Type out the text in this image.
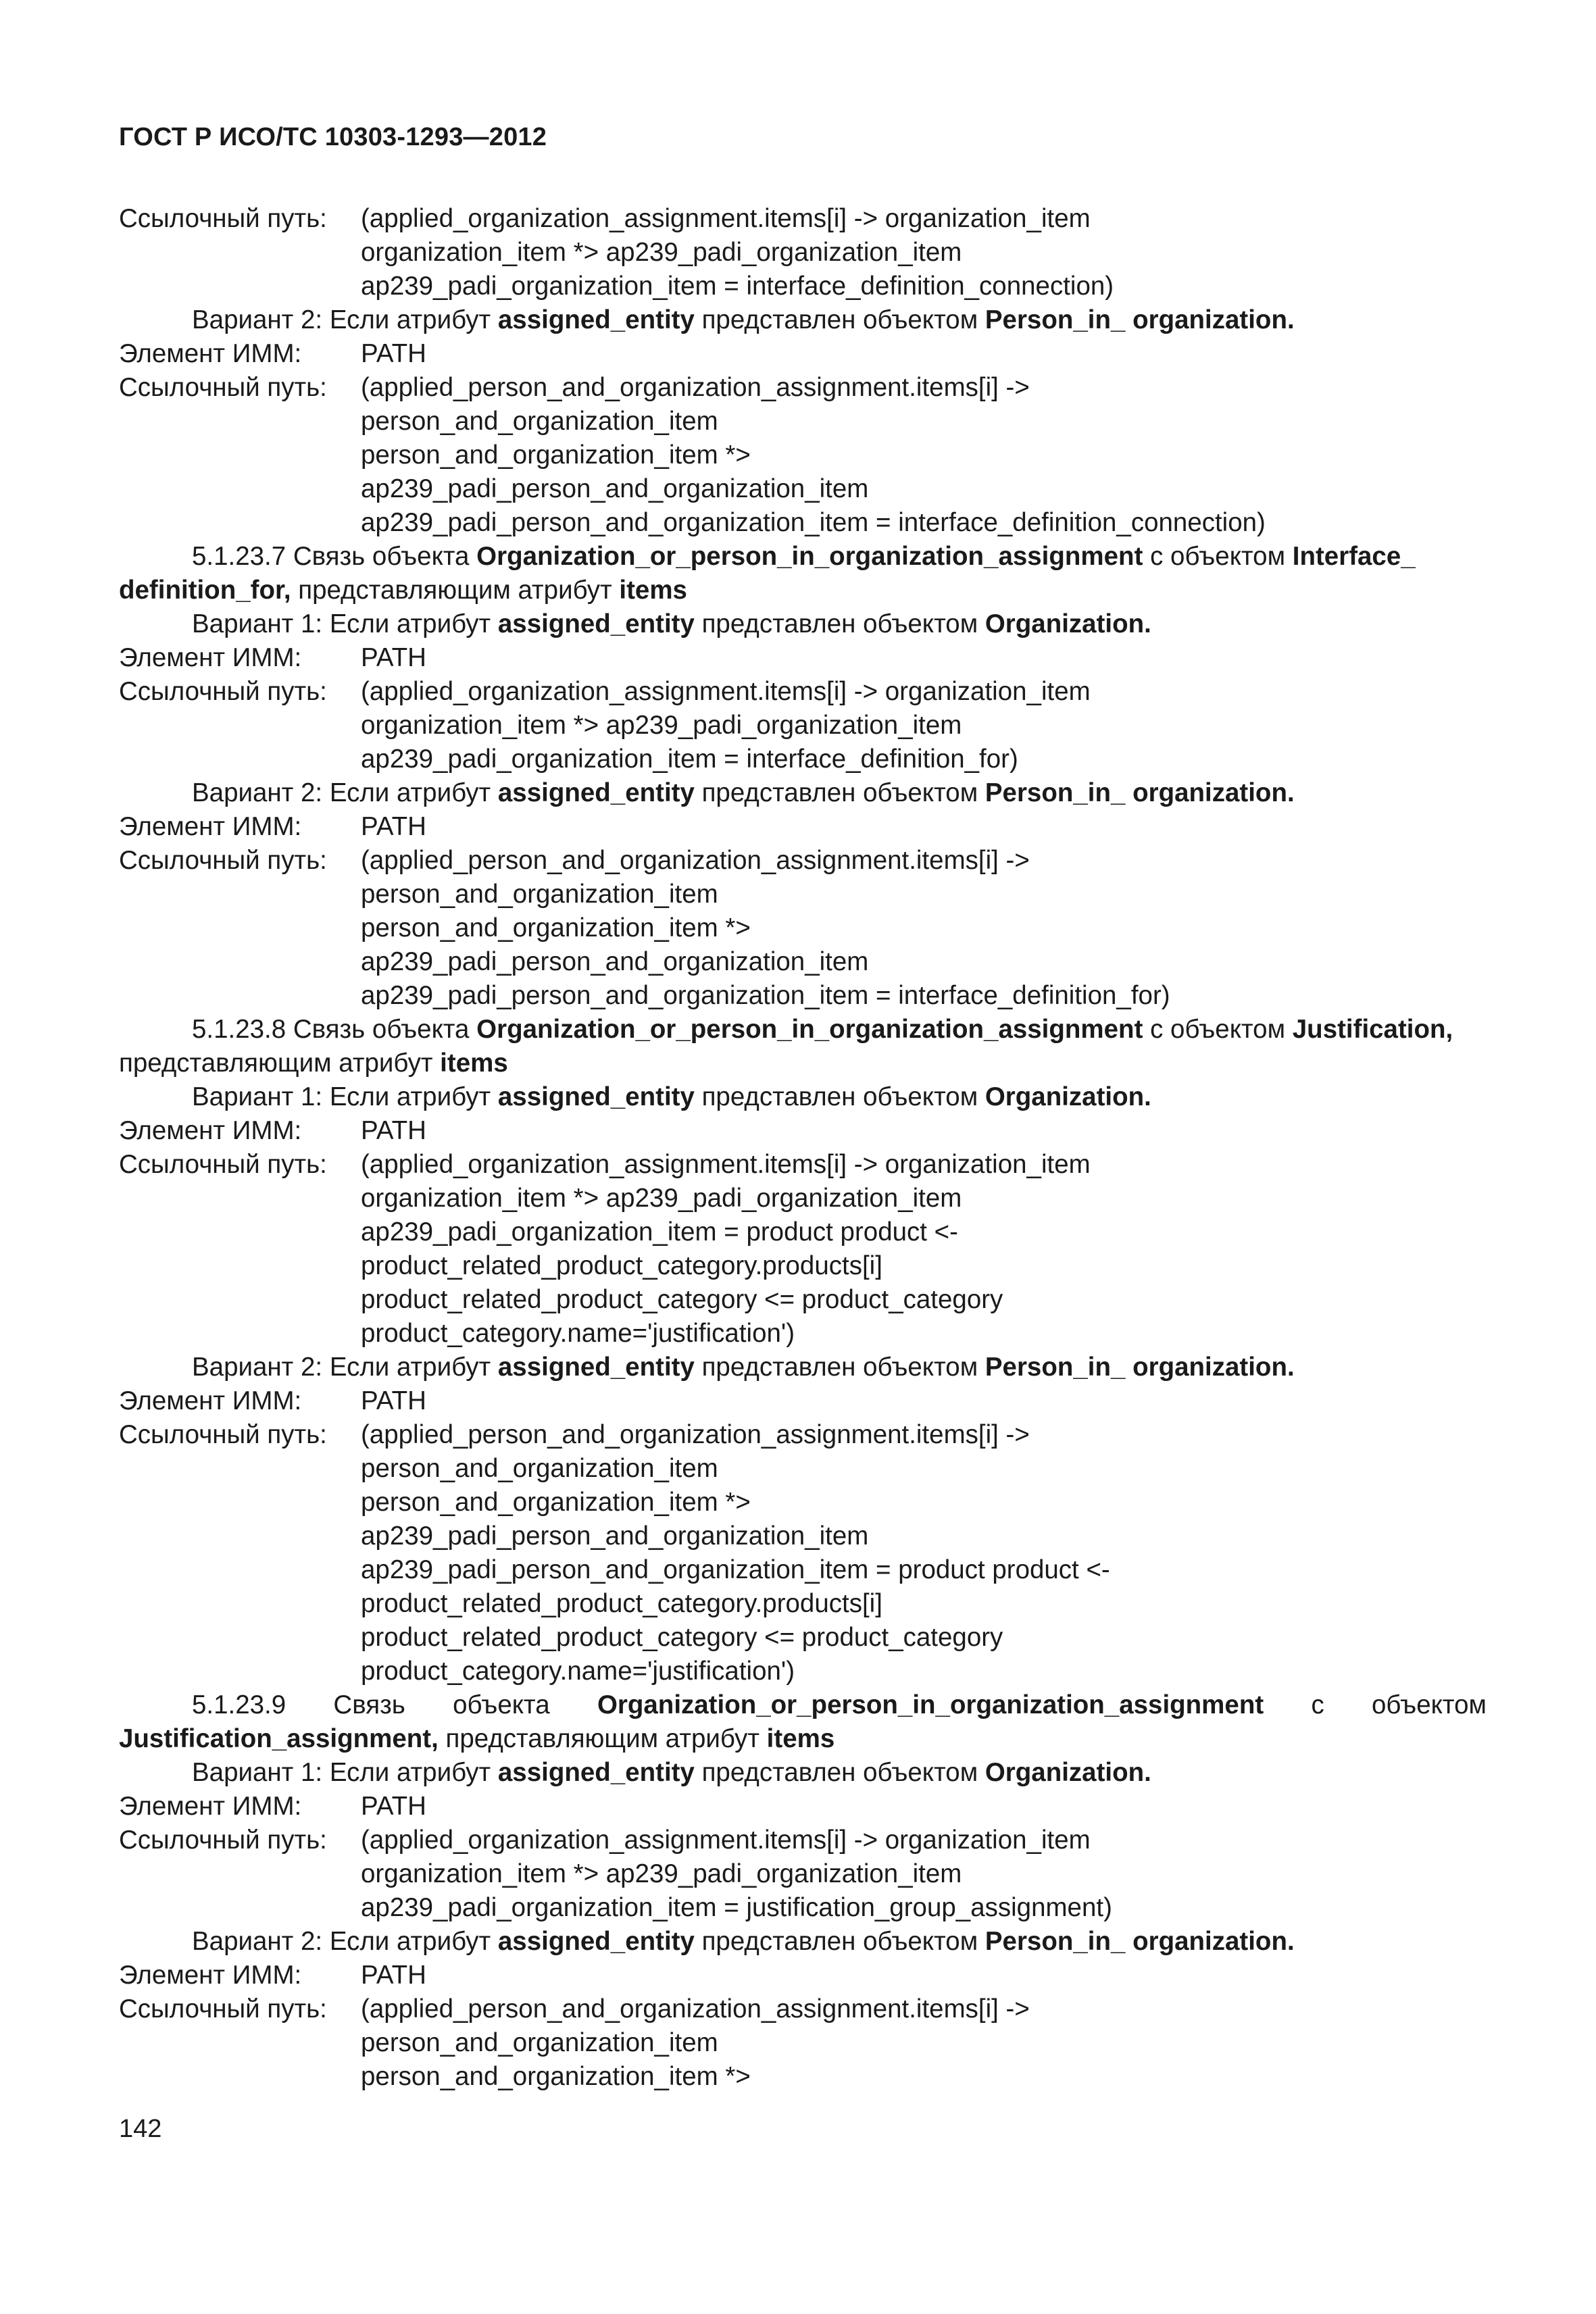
ГОСТ Р ИСО/ТС 10303-1293—2012
Ссылочный путь:	(applied_organization_assignment.items[i] -> organization_item
organization_item *> ap239_padi_organization_item
ap239_padi_organization_item = interface_definition_connection)
Вариант 2: Если атрибут assigned_entity представлен объектом Person_in_ organization.
Элемент ИММ:	PATH
Ссылочный путь:	(applied_person_and_organization_assignment.items[i] ->
person_and_organization_item
person_and_organization_item *>
ap239_padi_person_and_organization_item
ap239_padi_person_and_organization_item = interface_definition_connection)
5.1.23.7 Связь объекта Organization_or_person_in_organization_assignment с объектом Interface_
definition_for, представляющим атрибут items
Вариант 1: Если атрибут assigned_entity представлен объектом Organization.
Элемент ИММ:	PATH
Ссылочный путь:	(applied_organization_assignment.items[i] -> organization_item
organization_item *> ap239_padi_organization_item
ap239_padi_organization_item = interface_definition_for)
Вариант 2: Если атрибут assigned_entity представлен объектом Person_in_ organization.
Элемент ИММ:	PATH
Ссылочный путь:	(applied_person_and_organization_assignment.items[i] ->
person_and_organization_item
person_and_organization_item *>
ap239_padi_person_and_organization_item
ap239_padi_person_and_organization_item = interface_definition_for)
5.1.23.8 Связь объекта Organization_or_person_in_organization_assignment с объектом Justification,
представляющим атрибут items
Вариант 1: Если атрибут assigned_entity представлен объектом Organization.
Элемент ИММ:	PATH
Ссылочный путь:	(applied_organization_assignment.items[i] -> organization_item
organization_item *> ap239_padi_organization_item
ap239_padi_organization_item = product product <-
product_related_product_category.products[i]
product_related_product_category <= product_category
product_category.name='justification')
Вариант 2: Если атрибут assigned_entity представлен объектом Person_in_ organization.
Элемент ИММ:	PATH
Ссылочный путь:	(applied_person_and_organization_assignment.items[i] ->
person_and_organization_item
person_and_organization_item *>
ap239_padi_person_and_organization_item
ap239_padi_person_and_organization_item = product product <-
product_related_product_category.products[i]
product_related_product_category <= product_category
product_category.name='justification')
5.1.23.9 Связь объекта Organization_or_person_in_organization_assignment с объектом
Justification_assignment, представляющим атрибут items
Вариант 1: Если атрибут assigned_entity представлен объектом Organization.
Элемент ИММ:	PATH
Ссылочный путь:	(applied_organization_assignment.items[i] -> organization_item
organization_item *> ap239_padi_organization_item
ap239_padi_organization_item = justification_group_assignment)
Вариант 2: Если атрибут assigned_entity представлен объектом Person_in_ organization.
Элемент ИММ:	PATH
Ссылочный путь:	(applied_person_and_organization_assignment.items[i] ->
person_and_organization_item
person_and_organization_item *>
142
